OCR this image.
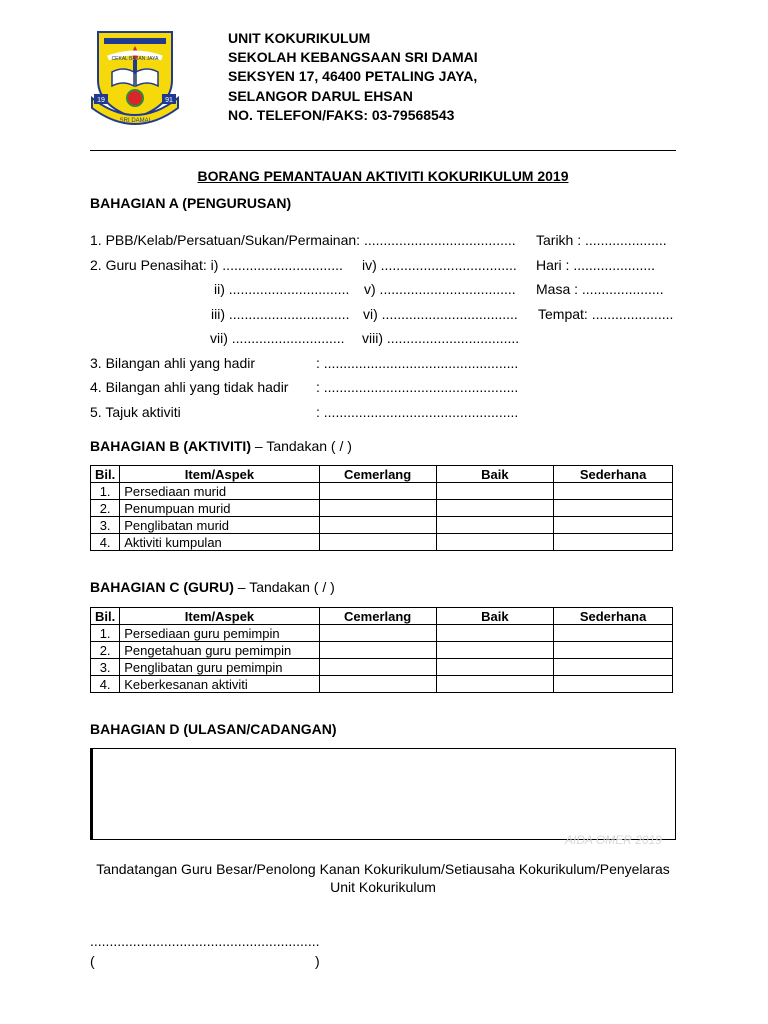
CEKAL BAJAN JAYA
19	91
SRI DAMAI
UNIT KOKURIKULUM
SEKOLAH KEBANGSAAN SRI DAMAI
SEKSYEN 17, 46400 PETALING JAYA,
SELANGOR DARUL EHSAN
NO. TELEFON/FAKS: 03-79568543
BORANG PEMANTAUAN AKTIVITI KOKURIKULUM 2019
BAHAGIAN A (PENGURUSAN)
1. PBB/Kelab/Persatuan/Sukan/Permainan: ....................................... Tarikh : .....................
2. Guru Penasihat: i) ............................... iv) ................................... Hari : .....................
ii) ............................... v) ................................... Masa : .....................
iii) ............................... vi) ................................... Tempat: .....................
vii) ............................. viii) ..................................
3. Bilangan ahli yang hadir	: ..................................................
4. Bilangan ahli yang tidak hadir : ..................................................
5. Tajuk aktiviti	: ..................................................
BAHAGIAN B (AKTIVITI) – Tandakan ( / )
Bil.	Item/Aspek	Cemerlang	Baik	Sederhana
1.	Persediaan murid			
2.	Penumpuan murid			
3.	Penglibatan murid			
4.	Aktiviti kumpulan			
BAHAGIAN C (GURU) – Tandakan ( / )
Bil.	Item/Aspek	Cemerlang	Baik	Sederhana
1.	Persediaan guru pemimpin			
2.	Pengetahuan guru pemimpin			
3.	Penglibatan guru pemimpin			
4.	Keberkesanan aktiviti			
BAHAGIAN D (ULASAN/CADANGAN)
AIDA OMER 2019
Tandatangan Guru Besar/Penolong Kanan Kokurikulum/Setiausaha Kokurikulum/Penyelaras
Unit Kokurikulum
...........................................................
(	)
